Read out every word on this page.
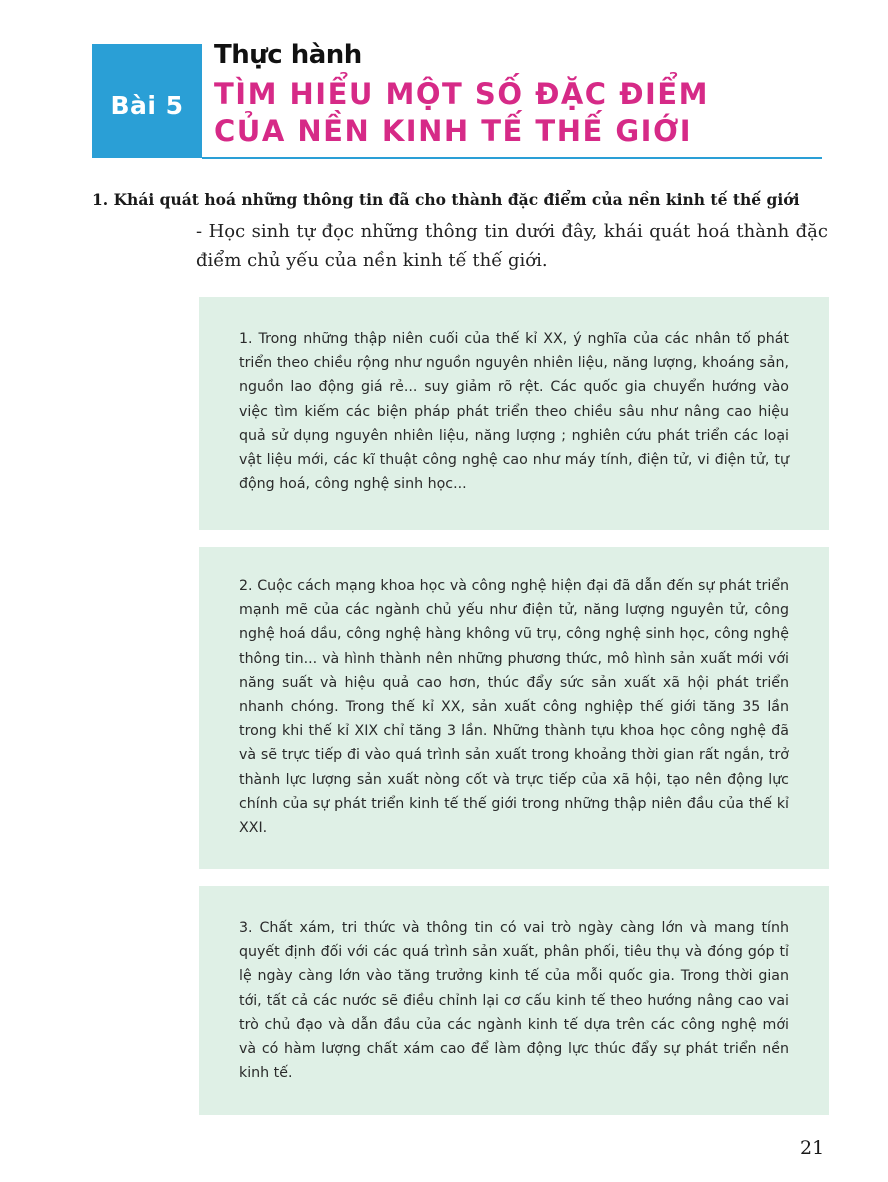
Bài 5
Thực hành
TÌM HIỂU MỘT SỐ ĐẶC ĐIỂM
CỦA NỀN KINH TẾ THẾ GIỚI
1. Khái quát hoá những thông tin đã cho thành đặc điểm của nền kinh tế thế giới
- Học sinh tự đọc những thông tin dưới đây, khái quát hoá thành đặc điểm chủ yếu của nền kinh tế thế giới.
1. Trong những thập niên cuối của thế kỉ XX, ý nghĩa của các nhân tố phát triển theo chiều rộng như nguồn nguyên nhiên liệu, năng lượng, khoáng sản, nguồn lao động giá rẻ... suy giảm rõ rệt. Các quốc gia chuyển hướng vào việc tìm kiếm các biện pháp phát triển theo chiều sâu như nâng cao hiệu quả sử dụng nguyên nhiên liệu, năng lượng ; nghiên cứu phát triển các loại vật liệu mới, các kĩ thuật công nghệ cao như máy tính, điện tử, vi điện tử, tự động hoá, công nghệ sinh học...
2. Cuộc cách mạng khoa học và công nghệ hiện đại đã dẫn đến sự phát triển mạnh mẽ của các ngành chủ yếu như điện tử, năng lượng nguyên tử, công nghệ hoá dầu, công nghệ hàng không vũ trụ, công nghệ sinh học, công nghệ thông tin... và hình thành nên những phương thức, mô hình sản xuất mới với năng suất và hiệu quả cao hơn, thúc đẩy sức sản xuất xã hội phát triển nhanh chóng. Trong thế kỉ XX, sản xuất công nghiệp thế giới tăng 35 lần trong khi thế kỉ XIX chỉ tăng 3 lần. Những thành tựu khoa học công nghệ đã và sẽ trực tiếp đi vào quá trình sản xuất trong khoảng thời gian rất ngắn, trở thành lực lượng sản xuất nòng cốt và trực tiếp của xã hội, tạo nên động lực chính của sự phát triển kinh tế thế giới trong những thập niên đầu của thế kỉ XXI.
3. Chất xám, tri thức và thông tin có vai trò ngày càng lớn và mang tính quyết định đối với các quá trình sản xuất, phân phối, tiêu thụ và đóng góp tỉ lệ ngày càng lớn vào tăng trưởng kinh tế của mỗi quốc gia. Trong thời gian tới, tất cả các nước sẽ điều chỉnh lại cơ cấu kinh tế theo hướng nâng cao vai trò chủ đạo và dẫn đầu của các ngành kinh tế dựa trên các công nghệ mới và có hàm lượng chất xám cao để làm động lực thúc đẩy sự phát triển nền kinh tế.
21
